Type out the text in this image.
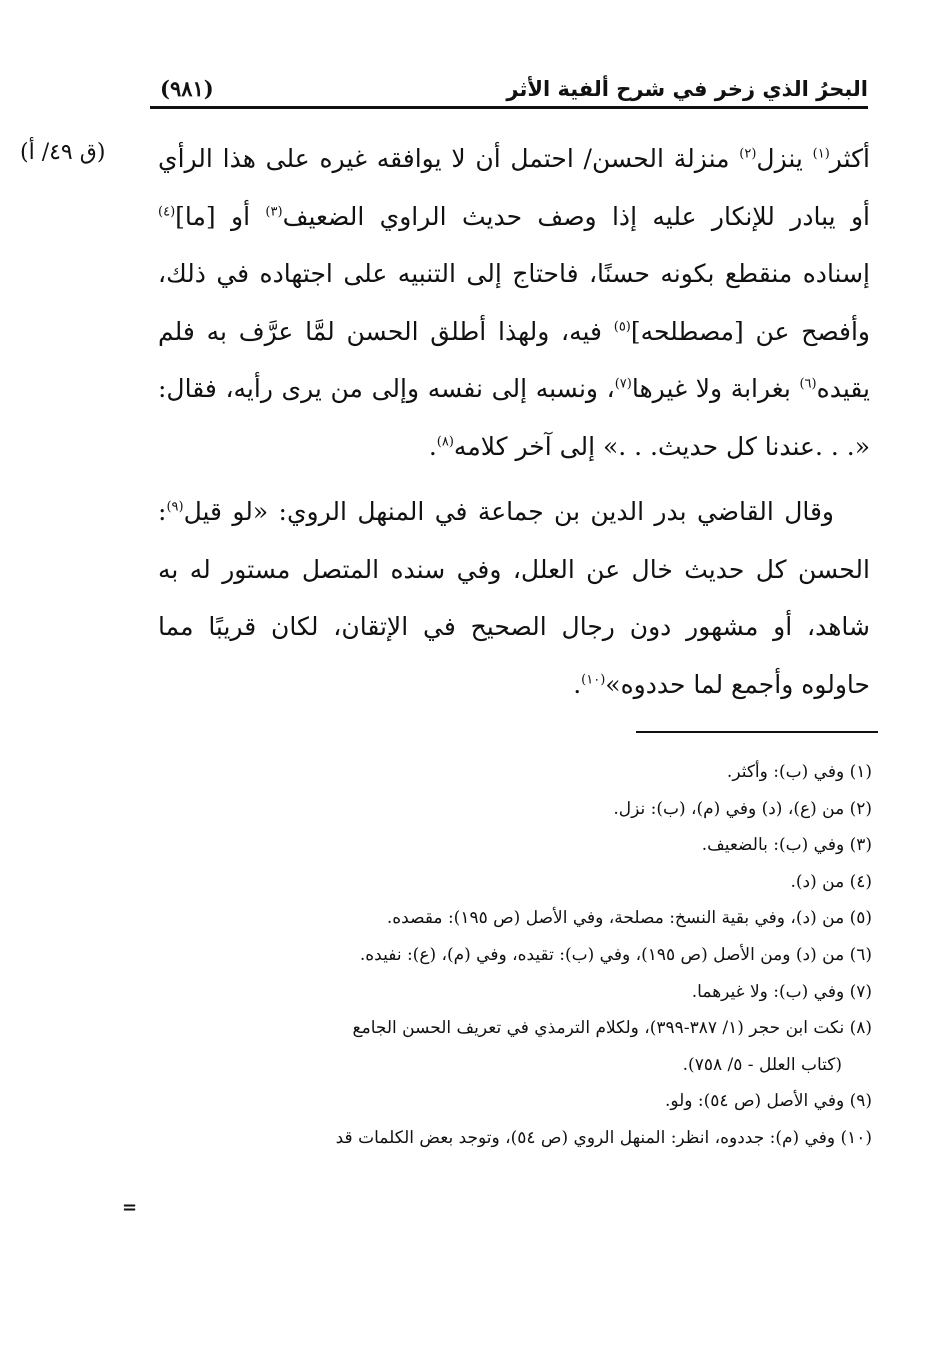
البحرُ الذي زخر في شرح ألفية الأثر
(٩٨١)
(ق ٤٩/ أ)	أكثر$^{(١)}$ ينزل$^{(٢)}$ منزلة الحسن/ احتمل أن لا يوافقه غيره على هذا الرأي أو يبادر للإنكار عليه إذا وصف حديث الراوي الضعيف$^{(٣)}$ أو [ما]$^{(٤)}$ إسناده منقطع بكونه حسنًا، فاحتاج إلى التنبيه على اجتهاده في ذلك، وأفصح عن [مصطلحه]$^{(٥)}$ فيه، ولهذا أطلق الحسن لمَّا عرَّف به فلم يقيده$^{(٦)}$ بغرابة ولا غيرها$^{(٧)}$، ونسبه إلى نفسه وإلى من يرى رأيه، فقال: «. . .عندنا كل حديث. . .» إلى آخر كلامه$^{(٨)}$.

وقال القاضي بدر الدين بن جماعة في المنهل الروي: «لو قيل$^{(٩)}$: الحسن كل حديث خال عن العلل، وفي سنده المتصل مستور له به شاهد، أو مشهور دون رجال الصحيح في الإتقان، لكان قريبًا مما حاولوه وأجمع لما حددوه»$^{(١٠)}$.

(١) وفي (ب): وأكثر.

(٢) من (ع)، (د) وفي (م)، (ب): نزل.

(٣) وفي (ب): بالضعيف.

(٤) من (د).

(٥) من (د)، وفي بقية النسخ: مصلحة، وفي الأصل (ص ١٩٥): مقصده.

(٦) من (د) ومن الأصل (ص ١٩٥)، وفي (ب): تقيده، وفي (م)، (ع): نفيده.

(٧) وفي (ب): ولا غيرهما.

(٨) نكت ابن حجر (١/ ٣٨٧-٣٩٩)، ولكلام الترمذي في تعريف الحسن الجامع
(كتاب العلل - ٥/ ٧٥٨).

(٩) وفي الأصل (ص ٥٤): ولو.

(١٠) وفي (م): جددوه، انظر: المنهل الروي (ص ٥٤)، وتوجد بعض الكلمات قد

=
